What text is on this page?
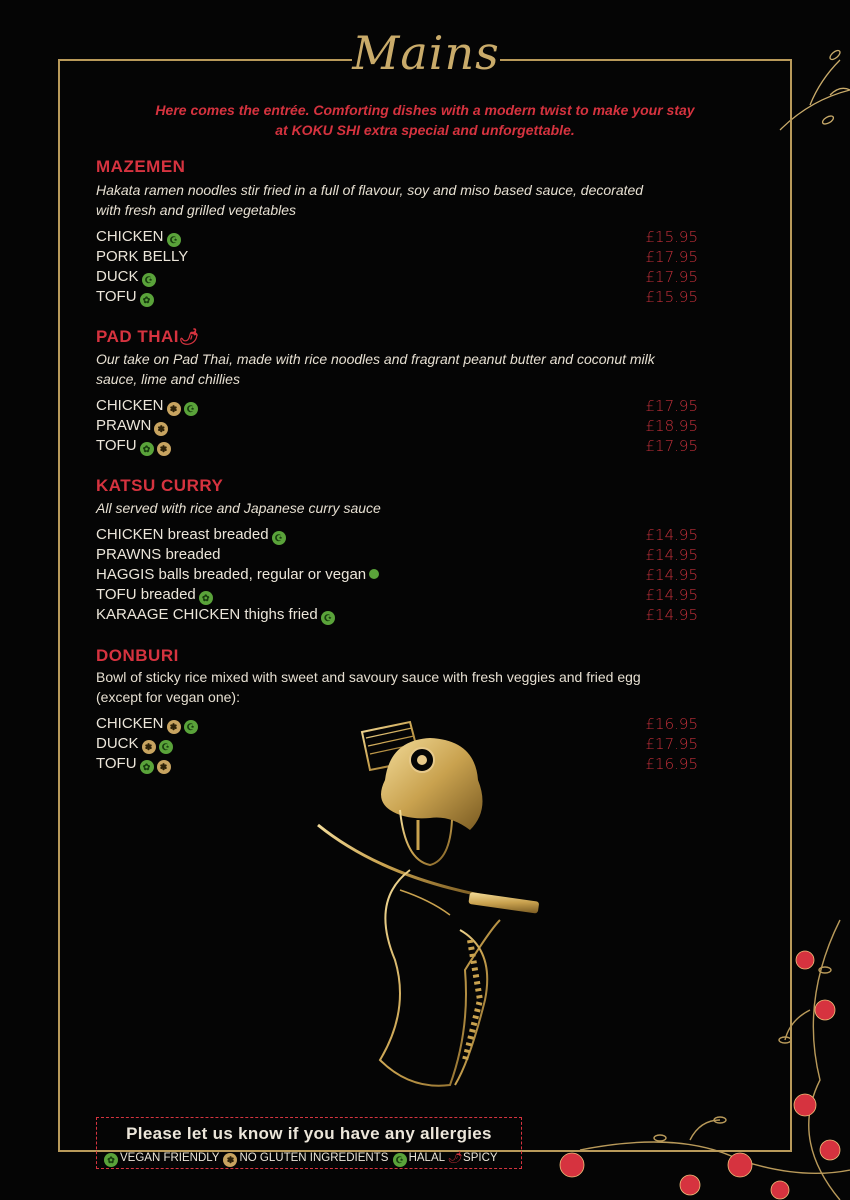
Mains
Here comes the entrée. Comforting dishes with a modern twist to make your stay at KOKU SHI extra special and unforgettable.
MAZEMEN
Hakata ramen noodles stir fried in a full of flavour, soy and miso based sauce, decorated with fresh and grilled vegetables
CHICKEN ☪	£15.95
PORK BELLY	£17.95
DUCK ☪	£17.95
TOFU ✿	£15.95
PAD THAI🌶
Our take on Pad Thai, made with rice noodles and fragrant peanut butter and coconut milk sauce, lime and chillies
CHICKEN ✽ ☪	£17.95
PRAWN ✽	£18.95
TOFU ✿ ✽	£17.95
KATSU CURRY
All served with rice and Japanese curry sauce
CHICKEN breast breaded ☪	£14.95
PRAWNS breaded	£14.95
HAGGIS balls breaded, regular or vegan	£14.95
TOFU breaded ✿	£14.95
KARAAGE CHICKEN thighs fried ☪	£14.95
DONBURI
Bowl of sticky rice mixed with sweet and savoury sauce with fresh veggies and fried egg (except for vegan one):
CHICKEN ✽ ☪	£16.95
DUCK ✽ ☪	£17.95
TOFU ✿ ✽	£16.95
Please let us know if you have any allergies
✿ VEGAN FRIENDLY ✽ NO GLUTEN INGREDIENTS ☪ HALAL 🌶SPICY
